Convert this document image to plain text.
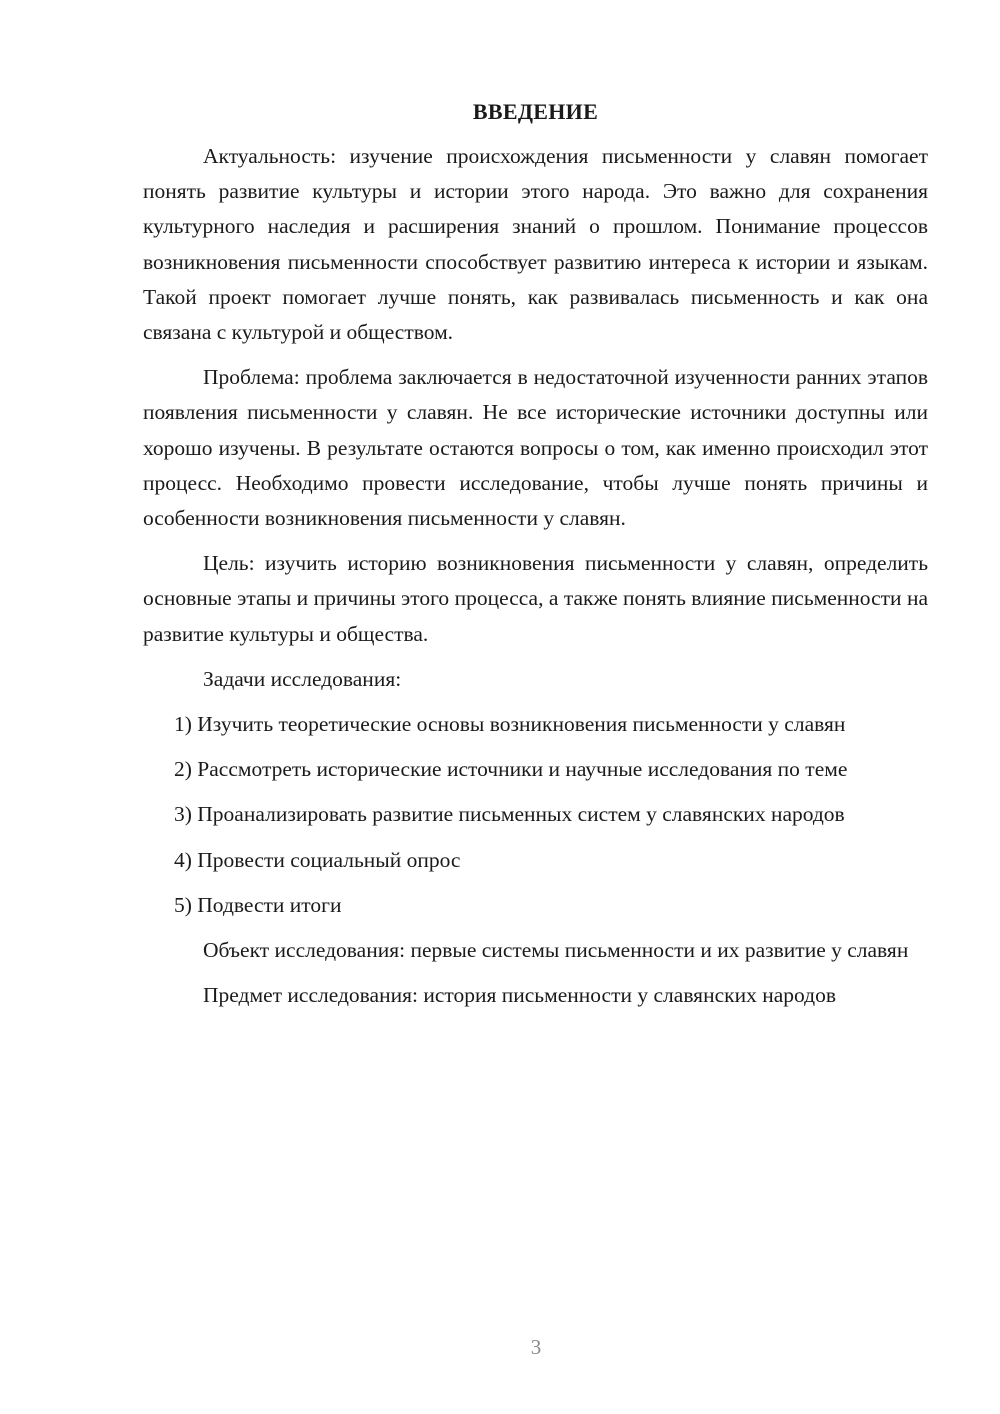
ВВЕДЕНИЕ

Актуальность: изучение происхождения письменности у славян помогает понять развитие культуры и истории этого народа. Это важно для сохранения культурного наследия и расширения знаний о прошлом. Понимание процессов возникновения письменности способствует развитию интереса к истории и языкам. Такой проект помогает лучше понять, как развивалась письменность и как она связана с культурой и обществом.

Проблема: проблема заключается в недостаточной изученности ранних этапов появления письменности у славян. Не все исторические источники доступны или хорошо изучены. В результате остаются вопросы о том, как именно происходил этот процесс. Необходимо провести исследование, чтобы лучше понять причины и особенности возникновения письменности у славян.

Цель: изучить историю возникновения письменности у славян, определить основные этапы и причины этого процесса, а также понять влияние письменности на развитие культуры и общества.

Задачи исследования:

1) Изучить теоретические основы возникновения письменности у славян

2) Рассмотреть исторические источники и научные исследования по теме

3) Проанализировать развитие письменных систем у славянских народов

4) Провести социальный опрос

5) Подвести итоги

Объект исследования: первые системы письменности и их развитие у славян

Предмет исследования: история письменности у славянских народов

3
